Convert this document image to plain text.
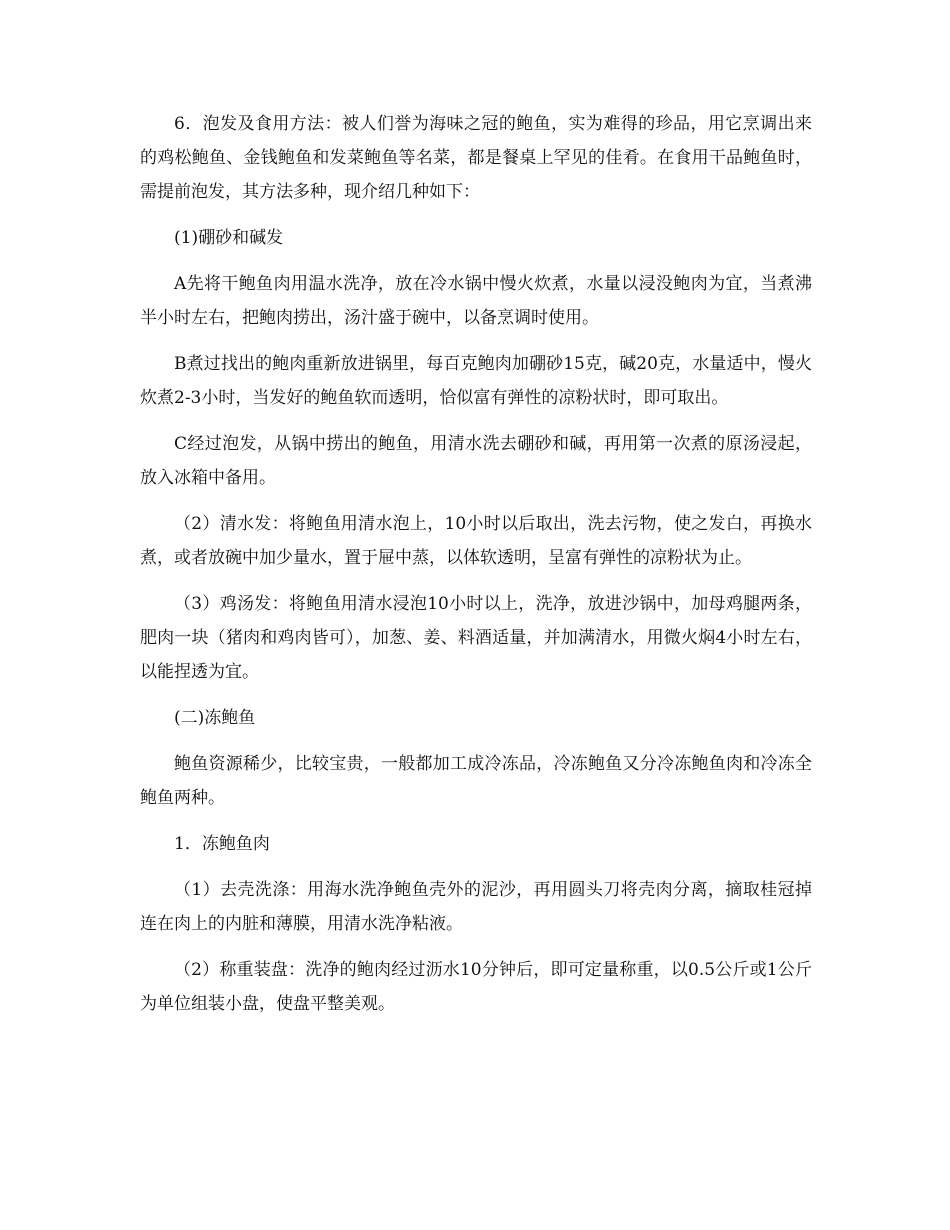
6．泡发及食用方法：被人们誉为海味之冠的鲍鱼，实为难得的珍品，用它烹调出来的鸡松鲍鱼、金钱鲍鱼和发菜鲍鱼等名菜，都是餐桌上罕见的佳肴。在食用干品鲍鱼时，需提前泡发，其方法多种，现介绍几种如下：

(1)硼砂和碱发

A先将干鲍鱼肉用温水洗净，放在冷水锅中慢火炊煮，水量以浸没鲍肉为宜，当煮沸半小时左右，把鲍肉捞出，汤汁盛于碗中，以备烹调时使用。

B煮过找出的鲍肉重新放进锅里，每百克鲍肉加硼砂15克，碱20克，水量适中，慢火炊煮2-3小时，当发好的鲍鱼软而透明，恰似富有弹性的凉粉状时，即可取出。

C经过泡发，从锅中捞出的鲍鱼，用清水洗去硼砂和碱，再用第一次煮的原汤浸起，放入冰箱中备用。

（2）清水发：将鲍鱼用清水泡上，10小时以后取出，洗去污物，使之发白，再换水煮，或者放碗中加少量水，置于屉中蒸，以体软透明，呈富有弹性的凉粉状为止。

（3）鸡汤发：将鲍鱼用清水浸泡10小时以上，洗净，放进沙锅中，加母鸡腿两条，肥肉一块（猪肉和鸡肉皆可），加葱、姜、料酒适量，并加满清水，用微火焖4小时左右，以能捏透为宜。

(二)冻鲍鱼

鲍鱼资源稀少，比较宝贵，一般都加工成冷冻品，冷冻鲍鱼又分冷冻鲍鱼肉和冷冻全鲍鱼两种。

1．冻鲍鱼肉

（1）去壳洗涤：用海水洗净鲍鱼壳外的泥沙，再用圆头刀将壳肉分离，摘取桂冠掉连在肉上的内脏和薄膜，用清水洗净粘液。

（2）称重装盘：洗净的鲍肉经过沥水10分钟后，即可定量称重，以0.5公斤或1公斤为单位组装小盘，使盘平整美观。
